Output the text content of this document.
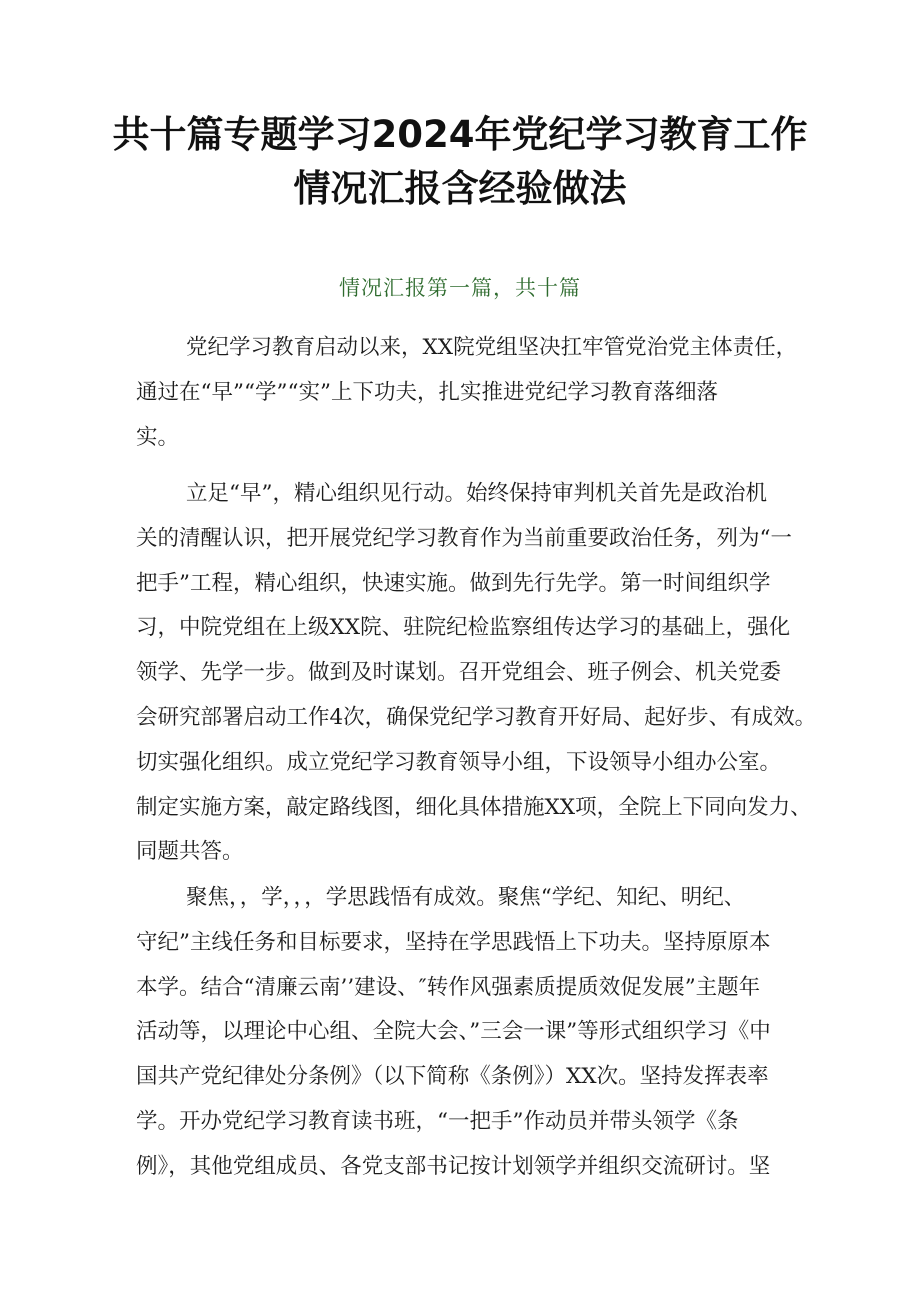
共十篇专题学习2024年党纪学习教育工作
情况汇报含经验做法
情况汇报第一篇，共十篇
党纪学习教育启动以来，XX院党组坚决扛牢管党治党主体责任，
通过在“早”“学”“实”上下功夫，扎实推进党纪学习教育落细落
实。
立足“早”，精心组织见行动。始终保持审判机关首先是政治机
关的清醒认识，把开展党纪学习教育作为当前重要政治任务，列为“一
把手”工程，精心组织，快速实施。做到先行先学。第一时间组织学
习，中院党组在上级XX院、驻院纪检监察组传达学习的基础上，强化
领学、先学一步。做到及时谋划。召开党组会、班子例会、机关党委
会研究部署启动工作4次，确保党纪学习教育开好局、起好步、有成效。
切实强化组织。成立党纪学习教育领导小组，下设领导小组办公室。
制定实施方案，敲定路线图，细化具体措施XX项，全院上下同向发力、
同题共答。
聚焦，，学，，，学思践悟有成效。聚焦“学纪、知纪、明纪、
守纪”主线任务和目标要求，坚持在学思践悟上下功夫。坚持原原本
本学。结合“清廉云南’’建设、″转作风强素质提质效促发展”主题年
活动等，以理论中心组、全院大会、”三会一课”等形式组织学习《中
国共产党纪律处分条例》（以下简称《条例》）XX次。坚持发挥表率
学。开办党纪学习教育读书班，“一把手”作动员并带头领学《条
例》，其他党组成员、各党支部书记按计划领学并组织交流研讨。坚
